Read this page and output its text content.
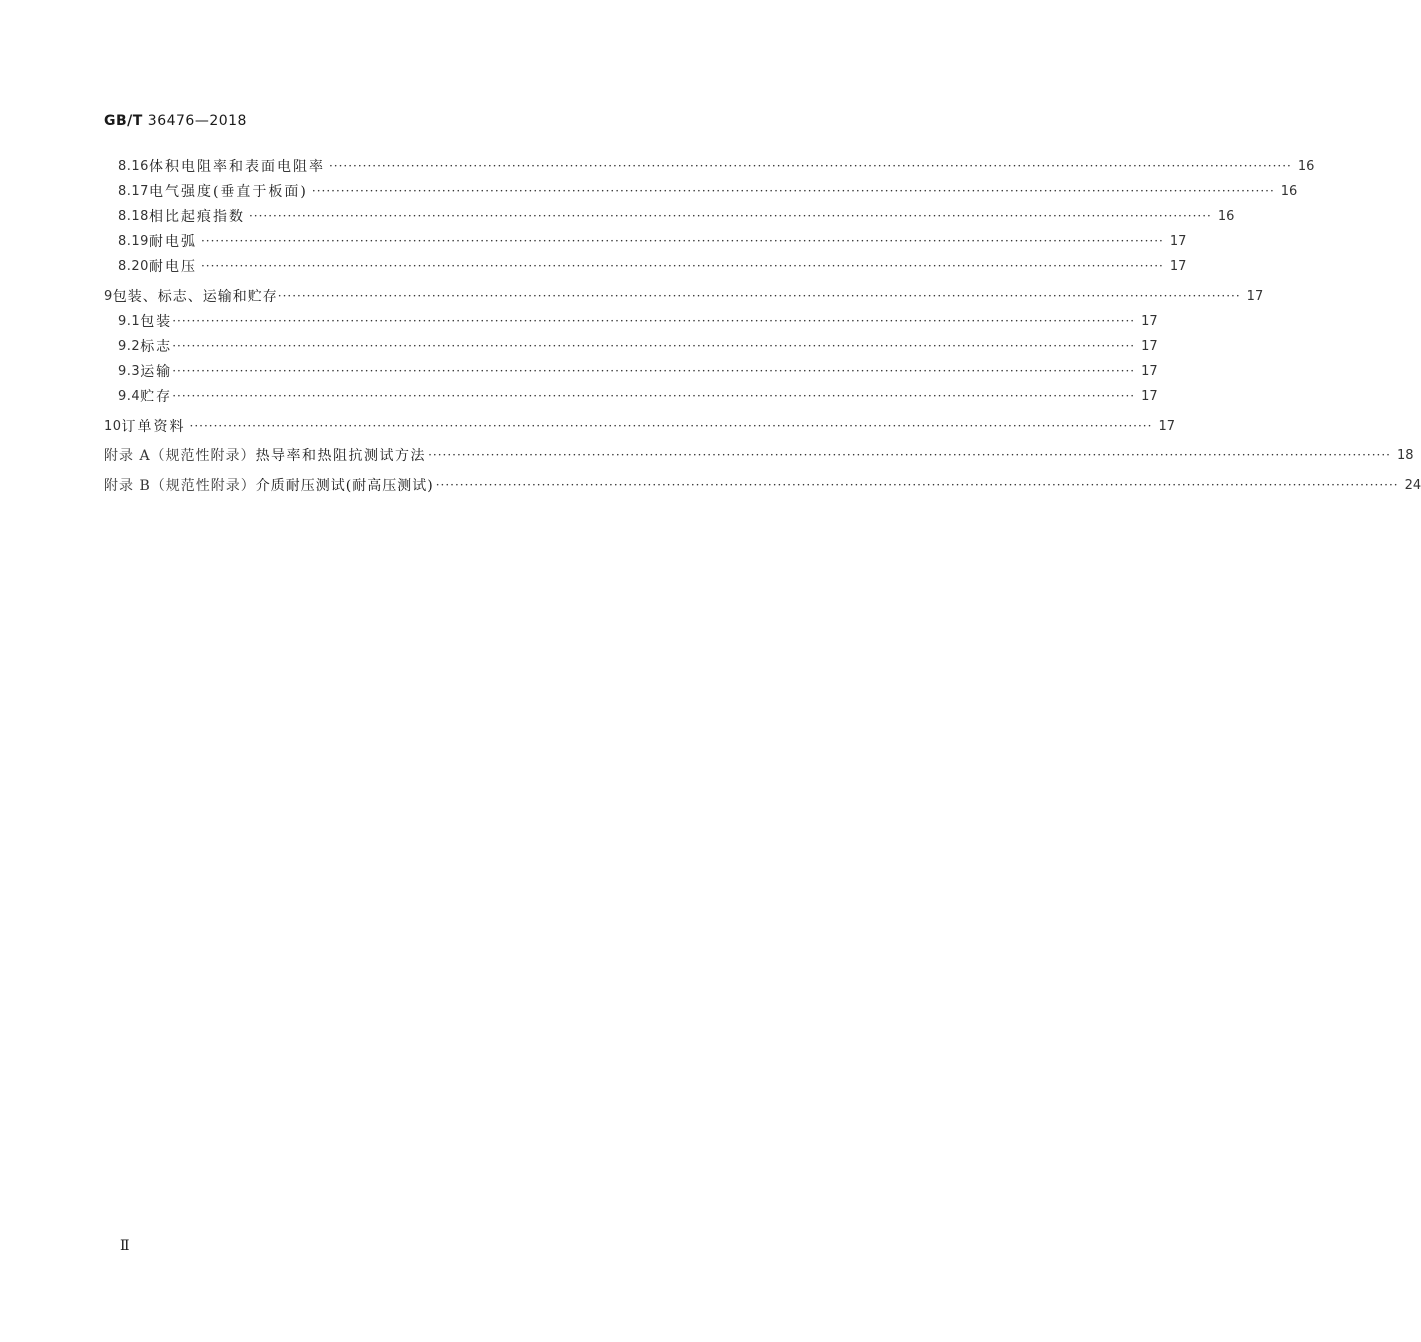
GB/T 36476—2018
8.16 体积电阻率和表面电阻率 ········································································································································································································ 16
8.17 电气强度(垂直于板面) ········································································································································································································ 16
8.18 相比起痕指数 ········································································································································································································ 16
8.19 耐电弧 ········································································································································································································ 17
8.20 耐电压 ········································································································································································································ 17
9 包装、标志、运输和贮存 ········································································································································································································ 17
9.1 包装 ········································································································································································································ 17
9.2 标志 ········································································································································································································ 17
9.3 运输 ········································································································································································································ 17
9.4 贮存 ········································································································································································································ 17
10 订单资料 ········································································································································································································ 17
附录 A（规范性附录） 热导率和热阻抗测试方法 ········································································································································································································ 18
附录 B（规范性附录） 介质耐压测试(耐高压测试) ········································································································································································································ 24
Ⅱ
